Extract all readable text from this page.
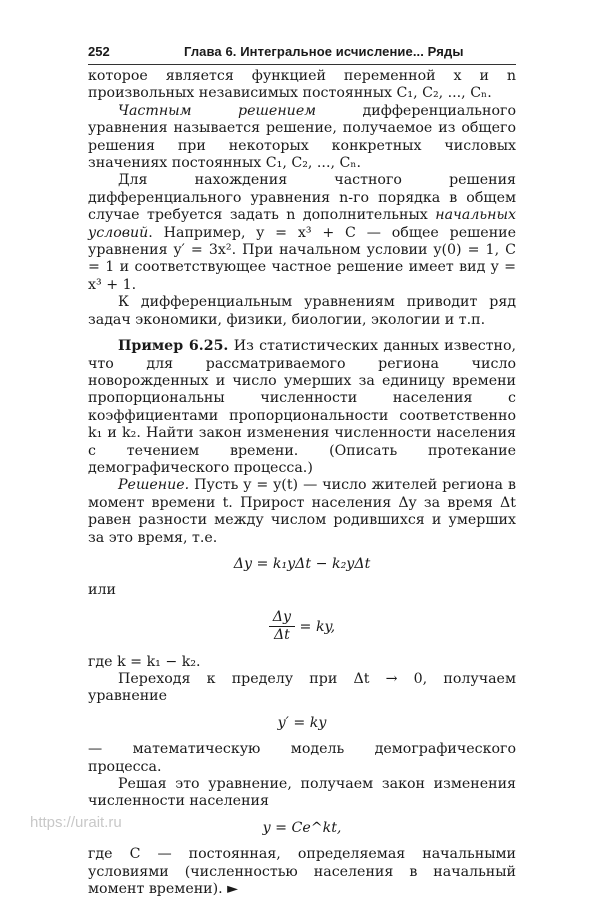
252	Глава 6. Интегральное исчисление... Ряды

которое является функцией переменной x и n произвольных независимых постоянных C₁, C₂, ..., Cₙ.

Частным решением дифференциального уравнения называется решение, получаемое из общего решения при некоторых конкретных числовых значениях постоянных C₁, C₂, ..., Cₙ.

Для нахождения частного решения дифференциального уравнения n-го порядка в общем случае требуется задать n дополнительных начальных условий. Например, y = x³ + C — общее решение уравнения y′ = 3x². При начальном условии y(0) = 1, C = 1 и соответствующее частное решение имеет вид y = x³ + 1.

К дифференциальным уравнениям приводит ряд задач экономики, физики, биологии, экологии и т.п.

Пример 6.25. Из статистических данных известно, что для рассматриваемого региона число новорожденных и число умерших за единицу времени пропорциональны численности населения с коэффициентами пропорциональности соответственно k₁ и k₂. Найти закон изменения численности населения с течением времени. (Описать протекание демографического процесса.)

Решение. Пусть y = y(t) — число жителей региона в момент времени t. Прирост населения Δy за время Δt равен разности между числом родившихся и умерших за это время, т.е.

Δy = k₁yΔt − k₂yΔt

или

$\frac{\Delta y}{\Delta t}$ = ky,

где k = k₁ − k₂.

Переходя к пределу при Δt → 0, получаем уравнение

y′ = ky

— математическую модель демографического процесса.

Решая это уравнение, получаем закон изменения численности населения

y = Ce^kt,

где C — постоянная, определяемая начальными условиями (численностью населения в начальный момент времени). ►

https://urait.ru
